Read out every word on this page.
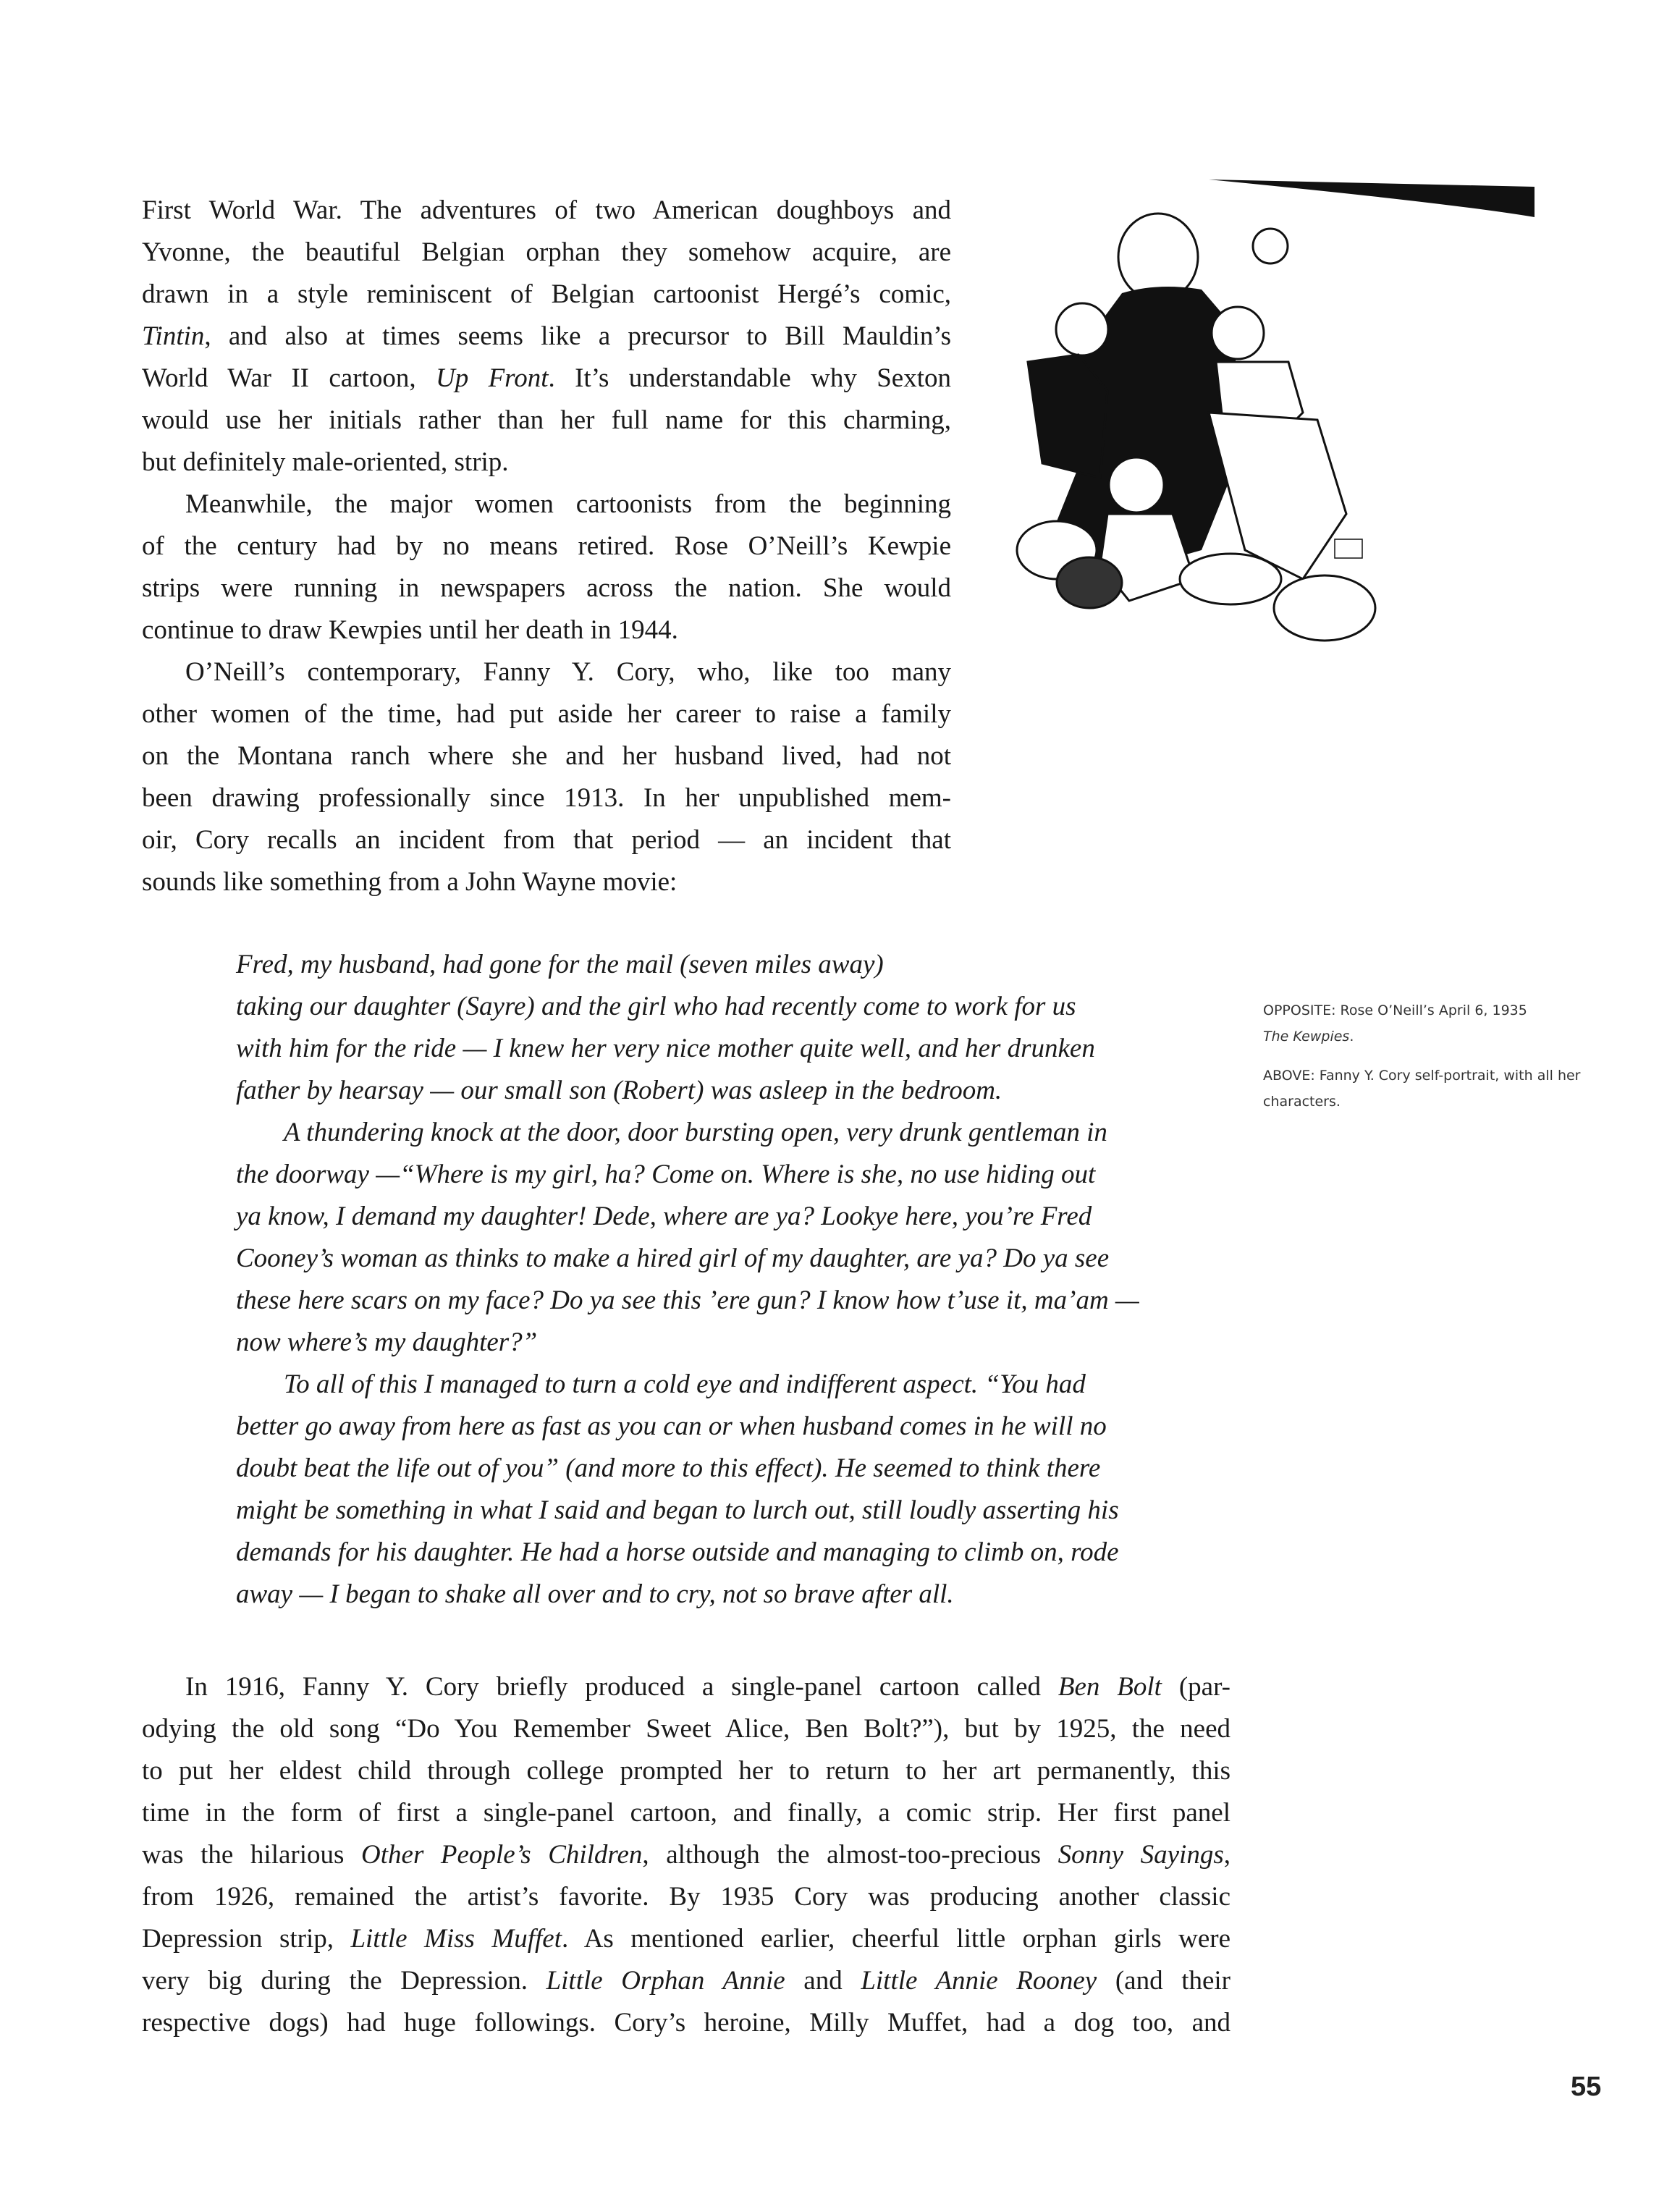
First World War. The adventures of two American doughboys and
Yvonne, the beautiful Belgian orphan they somehow acquire, are
drawn in a style reminiscent of Belgian cartoonist Hergé’s comic,
Tintin, and also at times seems like a precursor to Bill Mauldin’s
World War II cartoon, Up Front. It’s understandable why Sexton
would use her initials rather than her full name for this charming,
but definitely male-oriented, strip.
Meanwhile, the major women cartoonists from the beginning
of the century had by no means retired. Rose O’Neill’s Kewpie
strips were running in newspapers across the nation. She would
continue to draw Kewpies until her death in 1944.
O’Neill’s contemporary, Fanny Y. Cory, who, like too many
other women of the time, had put aside her career to raise a family
on the Montana ranch where she and her husband lived, had not
been drawing professionally since 1913. In her unpublished mem-
oir, Cory recalls an incident from that period — an incident that
sounds like something from a John Wayne movie:
Fred, my husband, had gone for the mail (seven miles away)
taking our daughter (Sayre) and the girl who had recently come to work for us
with him for the ride — I knew her very nice mother quite well, and her drunken
father by hearsay — our small son (Robert) was asleep in the bedroom.
A thundering knock at the door, door bursting open, very drunk gentleman in
the doorway —“Where is my girl, ha? Come on. Where is she, no use hiding out
ya know, I demand my daughter! Dede, where are ya? Lookye here, you’re Fred
Cooney’s woman as thinks to make a hired girl of my daughter, are ya? Do ya see
these here scars on my face? Do ya see this ’ere gun? I know how t’use it, ma’am —
now where’s my daughter?”
To all of this I managed to turn a cold eye and indifferent aspect. “You had
better go away from here as fast as you can or when husband comes in he will no
doubt beat the life out of you” (and more to this effect). He seemed to think there
might be something in what I said and began to lurch out, still loudly asserting his
demands for his daughter. He had a horse outside and managing to climb on, rode
away — I began to shake all over and to cry, not so brave after all.
In 1916, Fanny Y. Cory briefly produced a single-panel cartoon called Ben Bolt (par-
odying the old song “Do You Remember Sweet Alice, Ben Bolt?”), but by 1925, the need
to put her eldest child through college prompted her to return to her art permanently, this
time in the form of first a single-panel cartoon, and finally, a comic strip. Her first panel
was the hilarious Other People’s Children, although the almost-too-precious Sonny Sayings,
from 1926, remained the artist’s favorite. By 1935 Cory was producing another classic
Depression strip, Little Miss Muffet. As mentioned earlier, cheerful little orphan girls were
very big during the Depression. Little Orphan Annie and Little Annie Rooney (and their
respective dogs) had huge followings. Cory’s heroine, Milly Muffet, had a dog too, and

OPPOSITE: Rose O’Neill’s April 6, 1935
The Kewpies.

ABOVE: Fanny Y. Cory self-portrait, with all her characters.

55
